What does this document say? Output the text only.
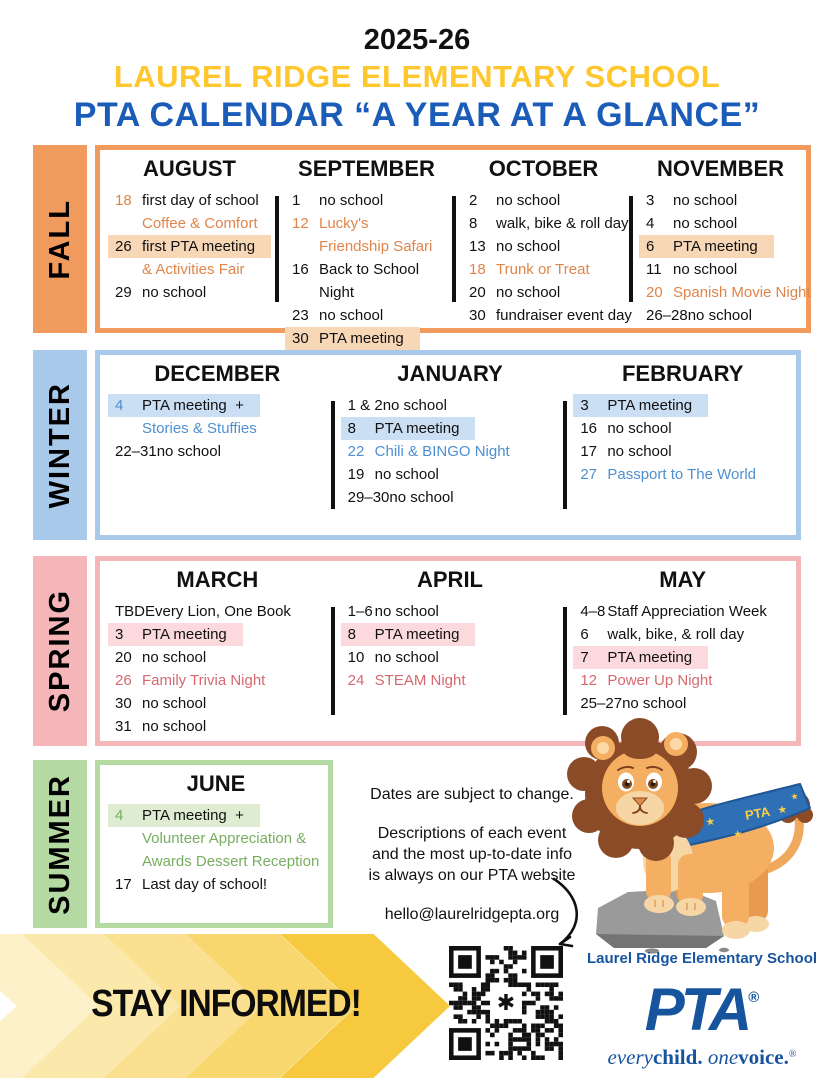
2025-26
LAUREL RIDGE ELEMENTARY SCHOOL
PTA CALENDAR “A YEAR AT A GLANCE”
FALL
AUGUST
18 first day of school
Coffee & Comfort
26 first PTA meeting
& Activities Fair
29 no school
SEPTEMBER
1	no school
12 Lucky's
Friendship Safari
16 Back to School
Night
23 no school
30 PTA meeting
OCTOBER
2	no school
8	walk, bike & roll day
13 no school
18 Trunk or Treat
20 no school
30 fundraiser event day
NOVEMBER
3	no school
4	no school
6	PTA meeting
11 no school
20 Spanish Movie Night
26–28 no school
WINTER
DECEMBER
4	PTA meeting  +
Stories & Stuffies
22–31 no school
JANUARY
1 & 2 no school
8	PTA meeting
22 Chili & BINGO Night
19 no school
29–30 no school
FEBRUARY
3	PTA meeting
16 no school
17 no school
27 Passport to The World
SPRING
MARCH
TBD Every Lion, One Book
3	PTA meeting
20 no school
26 Family Trivia Night
30 no school
31 no school
APRIL
1–6 no school
8	PTA meeting
10 no school
24 STEAM Night
MAY
4–8 Staff Appreciation Week
6	walk, bike, & roll day
7	PTA meeting
12 Power Up Night
25–27 no school
SUMMER	JUNE
4	PTA meeting  +
Volunteer Appreciation &
Awards Dessert Reception
17 Last day of school!
Dates are subject to change.
Descriptions of each event
and the most up-to-date info
is always on our PTA website
hello@laurelridgepta.org
★
★
★
★
PTA
STAY INFORMED!	✱
Laurel Ridge Elementary School
PTA®
everychild. onevoice.®
